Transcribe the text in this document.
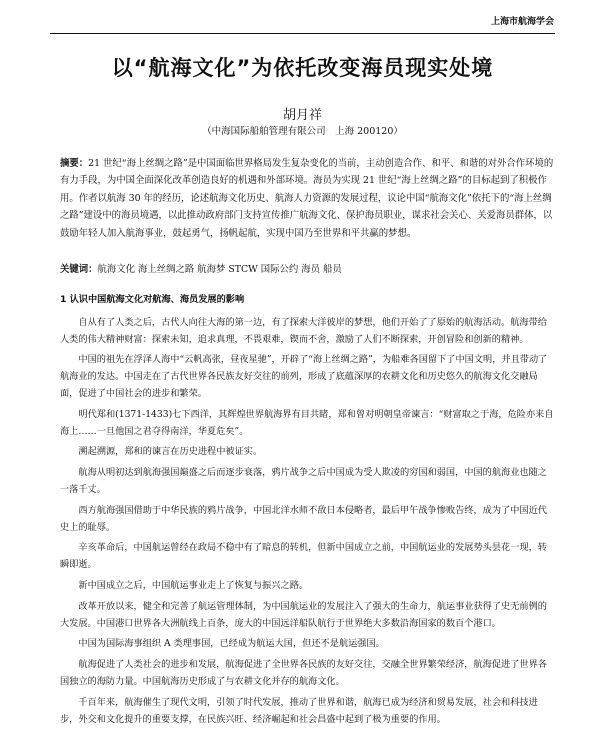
上海市航海学会
以“航海文化”为依托改变海员现实处境
胡月祥
（中海国际船舶管理有限公司　上海 200120）
摘要：21 世纪“海上丝绸之路”是中国面临世界格局发生复杂变化的当前，主动创造合作、和平、和谐的对外合作环境的有力手段，为中国全面深化改革创造良好的机遇和外部环境。海员为实现 21 世纪“海上丝绸之路”的目标起到了积极作用。作者以航海 30 年的经历，论述航海文化历史、航海人力资源的发展过程，议论中国“航海文化”依托下的“海上丝绸之路”建设中的海员境遇，以此推动政府部门支持宣传推广航海文化、保护海员职业，谋求社会关心、关爱海员群体，以鼓励年轻人加入航海事业，鼓起勇气，扬帆起航，实现中国乃至世界和平共赢的梦想。
关键词：航海文化 海上丝绸之路 航海梦 STCW 国际公约 海员 船员
1 认识中国航海文化对航海、海员发展的影响

自从有了人类之后，古代人向往大海的第一边，有了探索大洋彼岸的梦想，他们开始了了原始的航海活动。航海带给人类的伟大精神财富：探索未知，追求真理，不畏艰难，锲而不舍，激励了人们不断探索，开创冒险和创新的精神。

中国的祖先在浮泽人海中“云帆高张，昼夜星驰”，开辟了“海上丝绸之路”，为船难各国留下了中国文明，并且带动了航海业的发达。中国走在了古代世界各民族友好交往的前列，形成了底蕴深厚的农耕文化和历史悠久的航海文化交融局面，促进了中国社会的进步和繁荣。

明代郑和(1371-1433)七下西洋，其辉煌世界航海界有目共睹，郑和曾对明朝皇帝谏言：“财富取之于海，危险亦来自海上……一旦他国之君夺得南洋，华夏危矣”。

溯起溯源，郑和的谏言在历史进程中被证实。

航海从明初达到航海强国巅盛之后而逐步衰落，鸦片战争之后中国成为受人欺凌的穷国和弱国，中国的航海业也随之一落千丈。

西方航海强国借助于中华民族的鸦片战争，中国北洋水师不敌日本侵略者，最后甲午战争惨败告终，成为了中国近代史上的耻辱。

辛亥革命后，中国航运曾经在政局不稳中有了暗息的转机，但新中国成立之前，中国航运业的发展势头昙花一现，转瞬即逝。

新中国成立之后，中国航运事业走上了恢复与振兴之路。

改革开放以来，健全和完善了航运管理体制，为中国航运业的发展注入了强大的生命力，航运事业获得了史无前例的大发展。中国港口世界各大洲航线上百条，庞大的中国远洋船队航行于世界绝大多数沿海国家的数百个港口。

中国为国际海事组织 A 类理事国，已经成为航运大国，但还不是航运强国。

航海促进了人类社会的进步和发展，航海促进了全世界各民族的友好交往，交融全世界繁荣经济，航海促进了世界各国独立的海防力量。中国航海历史形成了与农耕文化并存的航海文化。

千百年来，航海催生了现代文明，引领了时代发展，推动了世界和谐，航海已成为经济和贸易发展，社会和科技进步，外交和文化提升的重要支撑，在民族兴旺、经济崛起和社会昌盛中起到了极为重要的作用。
